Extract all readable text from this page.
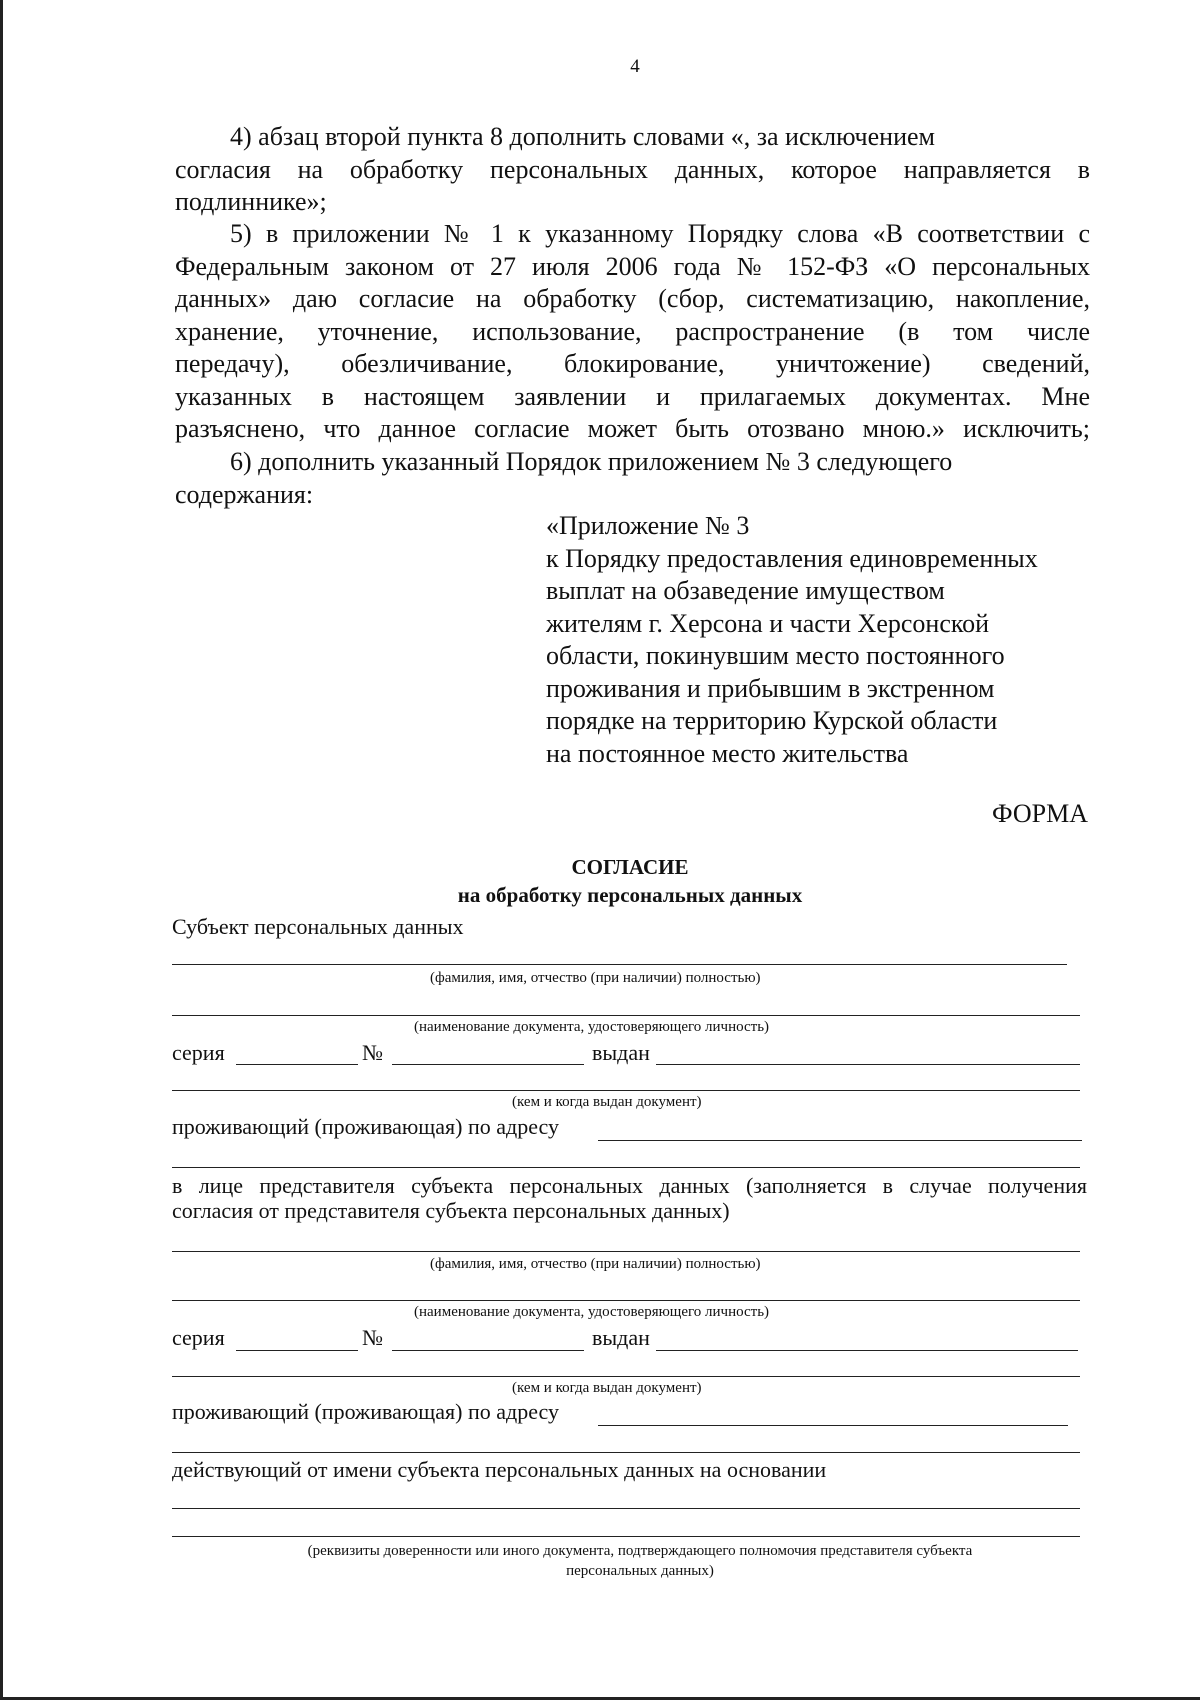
4
4) абзац второй пункта 8 дополнить словами «, за исключением
согласия на обработку персональных данных, которое направляется в
подлиннике»;
5) в приложении № 1 к указанному Порядку слова «В соответствии с
Федеральным законом от 27 июля 2006 года № 152-ФЗ «О персональных
данных» даю согласие на обработку (сбор, систематизацию, накопление,
хранение, уточнение, использование, распространение (в том числе
передачу), обезличивание, блокирование, уничтожение) сведений,
указанных в настоящем заявлении и прилагаемых документах. Мне
разъяснено, что данное согласие может быть отозвано мною.» исключить;
6) дополнить указанный Порядок приложением № 3 следующего
содержания:
«Приложение № 3
к Порядку предоставления единовременных
выплат на обзаведение имуществом
жителям г. Херсона и части Херсонской
области, покинувшим место постоянного
проживания и прибывшим в экстренном
порядке на территорию Курской области
на постоянное место жительства
ФОРМА
СОГЛАСИЕ
на обработку персональных данных
Субъект персональных данных
(фамилия, имя, отчество (при наличии) полностью)
(наименование документа, удостоверяющего личность)
серия	№	выдан
(кем и когда выдан документ)
проживающий (проживающая) по адресу
в лице представителя субъекта персональных данных (заполняется в случае получения
согласия от представителя субъекта персональных данных)
(фамилия, имя, отчество (при наличии) полностью)
(наименование документа, удостоверяющего личность)
серия	№	выдан
(кем и когда выдан документ)
проживающий (проживающая) по адресу
действующий от имени субъекта персональных данных на основании
(реквизиты доверенности или иного документа, подтверждающего полномочия представителя субъекта
персональных данных)
